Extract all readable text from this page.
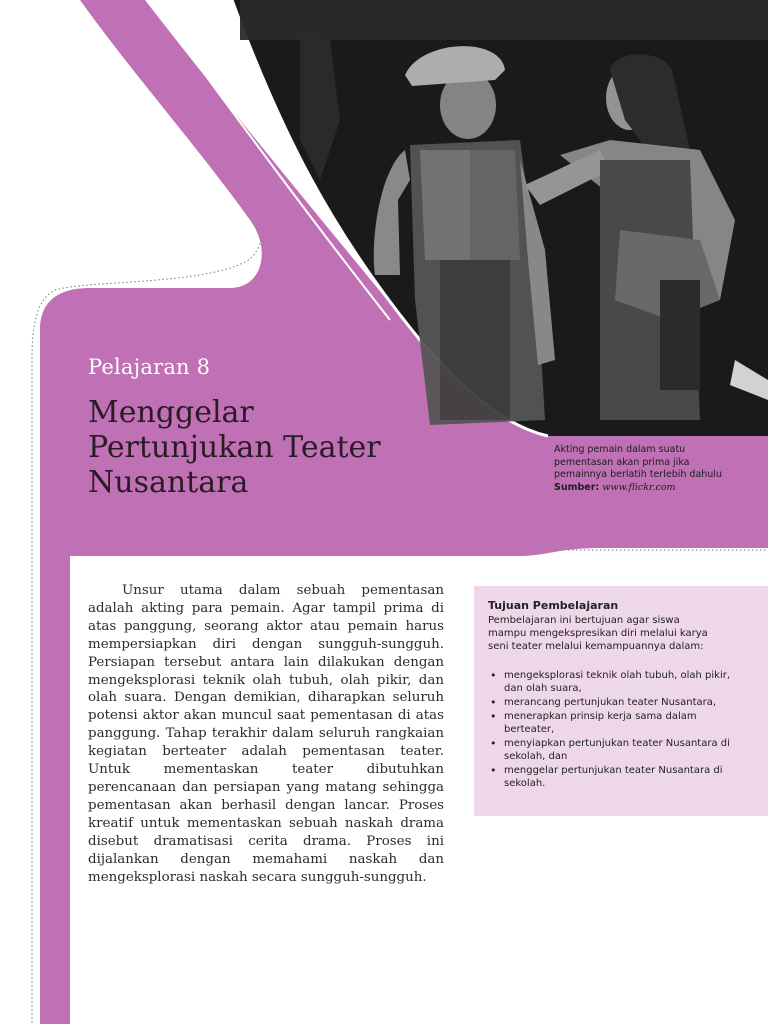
Akting pemain dalam suatu pementasan akan prima jika pemainnya berlatih terlebih dahulu
Sumber: www.flickr.com
Pelajaran 8
Menggelar
Pertunjukan Teater
Nusantara

Unsur utama dalam sebuah pementasan adalah akting para pemain. Agar tampil prima di atas panggung, seorang aktor atau pemain harus mempersiapkan diri dengan sungguh-sungguh. Persiapan tersebut antara lain dilakukan dengan mengeksplorasi teknik olah tubuh, olah pikir, dan olah suara. Dengan demikian, diharapkan seluruh potensi aktor akan muncul saat pementasan di atas panggung. Tahap terakhir dalam seluruh rangkaian kegiatan berteater adalah pementasan teater. Untuk mementaskan teater dibutuhkan perencanaan dan persiapan yang matang sehingga pementasan akan berhasil dengan lancar. Proses kreatif untuk mementaskan sebuah naskah drama disebut dramatisasi cerita drama. Proses ini dijalankan dengan memahami naskah dan mengeksplorasi naskah secara sungguh-sungguh.

Tujuan Pembelajaran
Pembelajaran ini bertujuan agar siswa mampu mengekspresikan diri melalui karya seni teater melalui kemampuannya dalam:
• mengeksplorasi teknik olah tubuh, olah pikir, dan olah suara,
• merancang pertunjukan teater Nusantara,
• menerapkan prinsip kerja sama dalam berteater,
• menyiapkan pertunjukan teater Nusantara di sekolah, dan
• menggelar pertunjukan teater Nusantara di sekolah.
